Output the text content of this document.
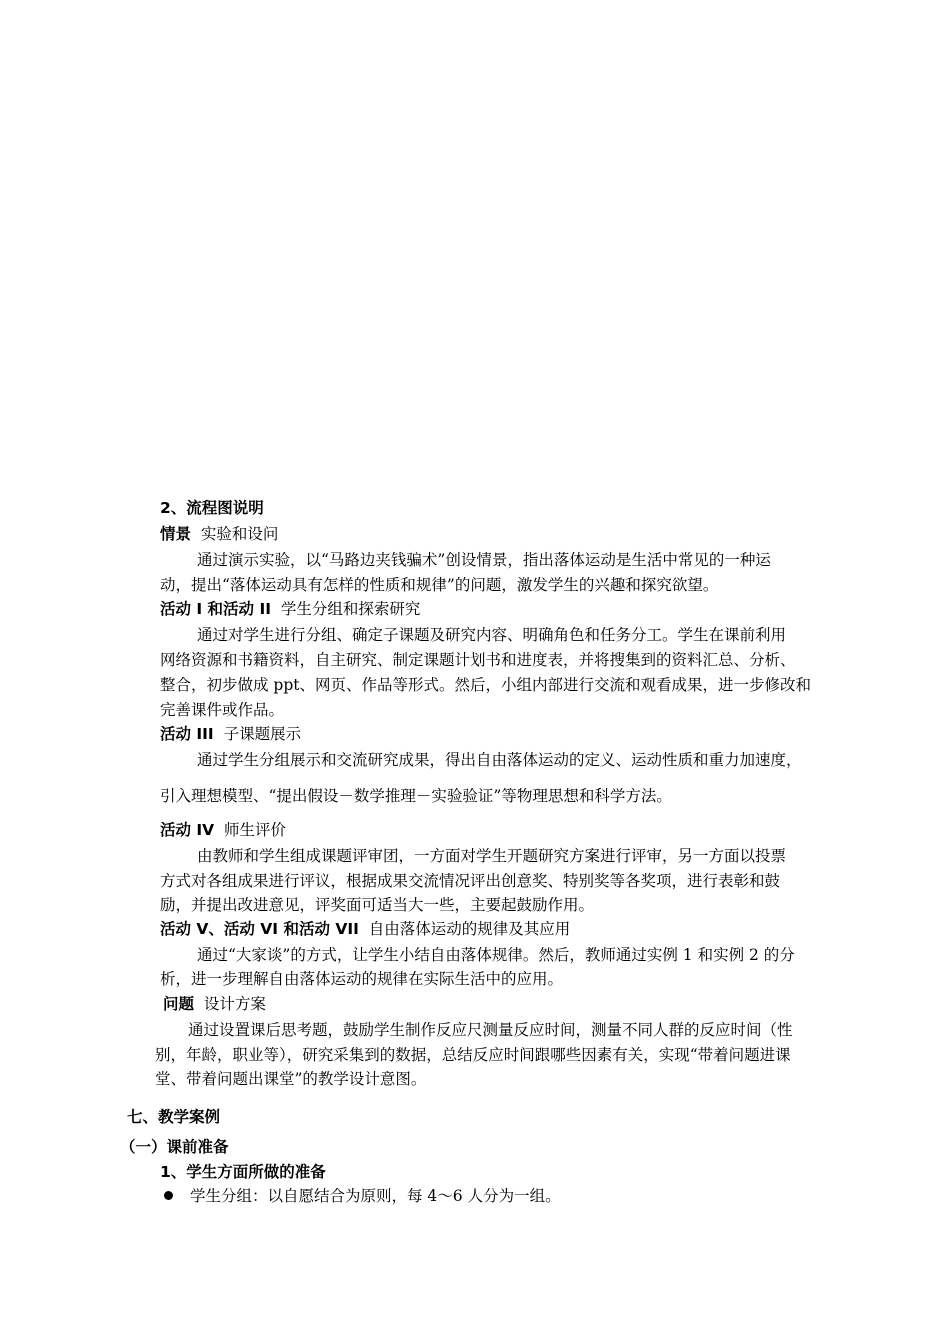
2、流程图说明
情景 实验和设问
通过演示实验，以“马路边夹钱骗术”创设情景，指出落体运动是生活中常见的一种运
动，提出“落体运动具有怎样的性质和规律”的问题，激发学生的兴趣和探究欲望。
活动 I 和活动 II 学生分组和探索研究
通过对学生进行分组、确定子课题及研究内容、明确角色和任务分工。学生在课前利用
网络资源和书籍资料，自主研究、制定课题计划书和进度表，并将搜集到的资料汇总、分析、
整合，初步做成 ppt、网页、作品等形式。然后，小组内部进行交流和观看成果，进一步修改和
完善课件或作品。
活动 III 子课题展示
通过学生分组展示和交流研究成果，得出自由落体运动的定义、运动性质和重力加速度，
引入理想模型、“提出假设－数学推理－实验验证”等物理思想和科学方法。
活动 IV 师生评价
由教师和学生组成课题评审团，一方面对学生开题研究方案进行评审，另一方面以投票
方式对各组成果进行评议，根据成果交流情况评出创意奖、特别奖等各奖项，进行表彰和鼓
励，并提出改进意见，评奖面可适当大一些，主要起鼓励作用。
活动 V、活动 VI 和活动 VII 自由落体运动的规律及其应用
通过“大家谈”的方式，让学生小结自由落体规律。然后，教师通过实例 1 和实例 2 的分
析，进一步理解自由落体运动的规律在实际生活中的应用。
问题 设计方案
通过设置课后思考题，鼓励学生制作反应尺测量反应时间，测量不同人群的反应时间（性
别，年龄，职业等），研究采集到的数据，总结反应时间跟哪些因素有关，实现“带着问题进课
堂、带着问题出课堂”的教学设计意图。
七、教学案例
（一）课前准备
1、学生方面所做的准备
学生分组：以自愿结合为原则，每 4～6 人分为一组。
